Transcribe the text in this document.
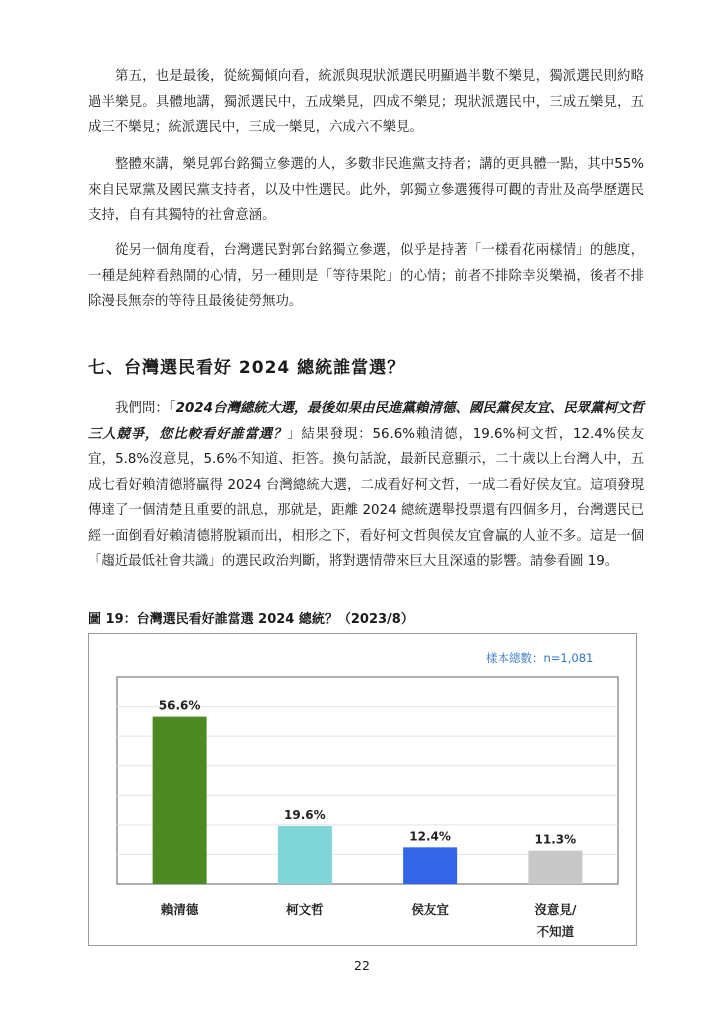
第五，也是最後，從統獨傾向看，統派與現狀派選民明顯過半數不樂見，獨派選民則約略過半樂見。具體地講，獨派選民中，五成樂見，四成不樂見；現狀派選民中，三成五樂見，五成三不樂見；統派選民中，三成一樂見，六成六不樂見。

整體來講，樂見郭台銘獨立參選的人，多數非民進黨支持者；講的更具體一點，其中55%來自民眾黨及國民黨支持者，以及中性選民。此外，郭獨立參選獲得可觀的青壯及高學歷選民支持，自有其獨特的社會意涵。

從另一個角度看，台灣選民對郭台銘獨立參選，似乎是持著「一樣看花兩樣情」的態度，一種是純粹看熱鬧的心情，另一種則是「等待果陀」的心情；前者不排除幸災樂禍，後者不排除漫長無奈的等待且最後徒勞無功。

七、台灣選民看好 2024 總統誰當選？

我們問：「2024台灣總統大選，最後如果由民進黨賴清德、國民黨侯友宜、民眾黨柯文哲三人競爭，您比較看好誰當選？」結果發現：56.6%賴清德，19.6%柯文哲，12.4%侯友宜，5.8%沒意見，5.6%不知道、拒答。換句話說，最新民意顯示，二十歲以上台灣人中，五成七看好賴清德將贏得 2024 台灣總統大選，二成看好柯文哲，一成二看好侯友宜。這項發現傳達了一個清楚且重要的訊息，那就是，距離 2024 總統選舉投票還有四個多月，台灣選民已經一面倒看好賴清德將脫穎而出，相形之下，看好柯文哲與侯友宜會贏的人並不多。這是一個「趨近最低社會共識」的選民政治判斷，將對選情帶來巨大且深遠的影響。請參看圖 19。

圖 19：台灣選民看好誰當選 2024 總統？（2023/8）

56.6%
賴清德
19.6%
柯文哲
12.4%
侯友宜
11.3%
沒意見/
不知道
樣本總數：n=1,081
22
